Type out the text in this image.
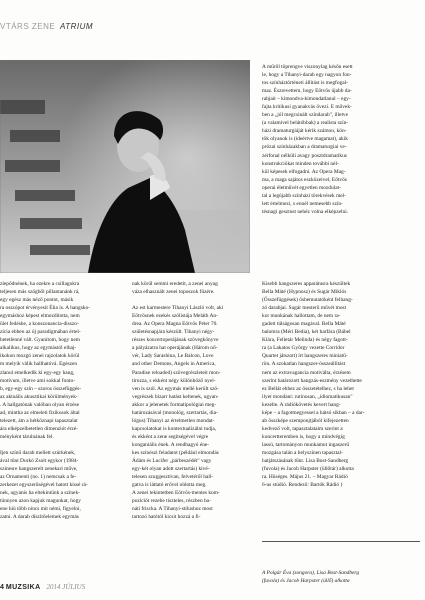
VTÁRS ZENE ATRIUM
A műről töprengve viszonylag későn esett
le, hogy a Tihanyi-darab egy nagyon fon-
tos színháztörténeti állítást is megfogal-
maz. Észrevettem, hogy Eötvös újabb da-
rabjait – kimondva-kimondatlanul – egy-
fajta kritikusi gyanakvás övezi. E művek-
ben a „jól megcsinált színdarab", illetve
(a valamivel belátóbbak) a realista szín-
házi dramaturgiáját kérik számon, kön-
tök olyanok is (ideértve magamat), akik
prózai színházakban a dramaturgiai ve-
zérfonal nélküli avagy posztdramatikus
konstrukciókat minden további nél-
kül képesek elfogadni. Az Opera Mag-
ma, a maga sajátos eszközeivel, Eötvös
operai életművét egyetlen mozdulat-
tal a legújabb színházi törekvések mel-
lett értelmezi, s ennél nemesebb szín-
tésnagi gesztust nehéz volna elképzelni.
zlepődnének, ha ezekre a csillagokra
teljesen más szögből pillantanánk rá,
egy egész más néző pontot, másik
ra osszópot érvényesít Élia is. A hangsko-
egymáshoz képest elmozdította, nem
ület fedésbe, a konszonancia-disszo-
zícia ebben az új paradigmában értel-
hetetlenné vált. Gyanítom, hogy nem
alkalikus, hogy az egymástól elhaj-
ikokon mozgó zenei rajzolatok körül
m melyik válik hallhatóvá. Egészen
zlanul emelkedik ki egy-egy hang,
motívum, illetve ami sokkal fonto-
b, egy-egy szín – szoros összefüggés-
az aktuális akusztikai körülmények-
. A hallgatónak valóban olyan érzése
ad, mintha az elmeleti fizikusok által
telezett, ám a hétköznapi tapasztalat
ára elképzelhetetlen dimenziót érzé-
ményként tárulnának fel.

Ijen színű darab mellett szürkének,
ával tűnt Durkó Zsolt egykor (1984-
szinesre hangszerelt zenekari műve,
az Ornamenti (no. 1) nemcsak a fe-
zerkezet egyszerűségével hatott kissé rá-
nek, ugyanis ha eltekintünk a színek-
tünnyen azon kapjuk magunkat, hogy
ene hiú több nincs mit némi, figyelni,
zatni. A darab díszítőelemek egymás
nak körül semmi eredetit, a zenei anyag
vázа elhasznált zenei toposzok füzére.

Az est karmestere Tihanyi László volt, aki
Eötvösnek ezekés szólistája Meláth An-
drea. Az Opera Magna Eötvös Péter 70.
születésnapjára készült. Tihanyi négy-
részes koncertoperájának szövegkönyve
a pályázatra hat operájának (Három nő-
vér, Lady Sarashina, Le Balcon, Love
and other Demons, Angels in America,
Paradise reloaded) szövegrészleteit mon-
tírozza, s ekként négy különböző nyel-
ven is szól. Az egymás mellé került szö-
vegrészek bizarr hatást keltenek, ugyan-
akkor a jelenetek formatipológiai meg-
határozásával (monológ, szertartás, dia-
lógus) Tihanyi az értelmetlen mondat-
kapcsolatokat is kontextualizálni tudja,
és ekként a zene segítségével végre
konganiális ének. A rendhagyó éne-
kes színészi feladatot (például elmondás
Ádám és Lucifer „párbeszédét" vagy
egy-két olyan adott szertartás) kivé-
telesen szuggesztívan, felvetéről hall-
gatva is láttató erővel oldotta meg.
A zenei tekintetben Eötvös-mentes kom-
pozíciót rezebe tiszteles, részben ba-
náti friscka. A Tihanyi-stílushoz most
tartozó hatótól kicsit hozzá a fi-
Kisebb hangszeres apparátusra készültek
Bella Máté (Hypnosz) és Sugár Miklós
(Összefüggések) ősbemutatóként felhang-
zó darabjai. Sugár mesterű művét most
kor munkának hallottam, de nem ra-
gadott túlságosan magával. Bella Máté
balomra (Méri Bedia), két harfára (Bábel
Klára, Felletár Melinda) és négy fagott-
ra (a Lakatos György vezette Corridor
Quartet játszott) írt hangszeres miniatű-
rön. A szokatlan hangszer-összeállítást
nem az extravagancia motiválta, érzésem
szerint határozott hangzás-eszmény vezethette
ez Bellát ehhez az összetételhez, s ha lehet
ilyet mondani: rutinosan, „idiomatikusan"
kezelte. A rádiókövetés kevert hang-
képe – a fagottnegyessel a hátsó síkban – a dar-
ab összképe szemponjtjából kifejezetten
kedvező volt, tapasztalataim szerint a
koncertteremben is, hogy a mindvégig
lassú, tartományon munkamut ingaszerű
mozgása talán a helyszínen tapasztal-
hatjátszásának tűnt. Lisa Bost-Sandberg
(fuvola) és Jacob Harpster (üllőtár) alkotta
ra. Hüséges. Május 21. – Magyar Rádió
6-us stúdió. Rendező: Bartók Rádió )
A Polgár Éva (zongora), Lisa Bost-Sandberg
(fuvola) és Jacob Harpster (üllő) alkotta
4 MUZSIKA 2014 JÚLIUS
